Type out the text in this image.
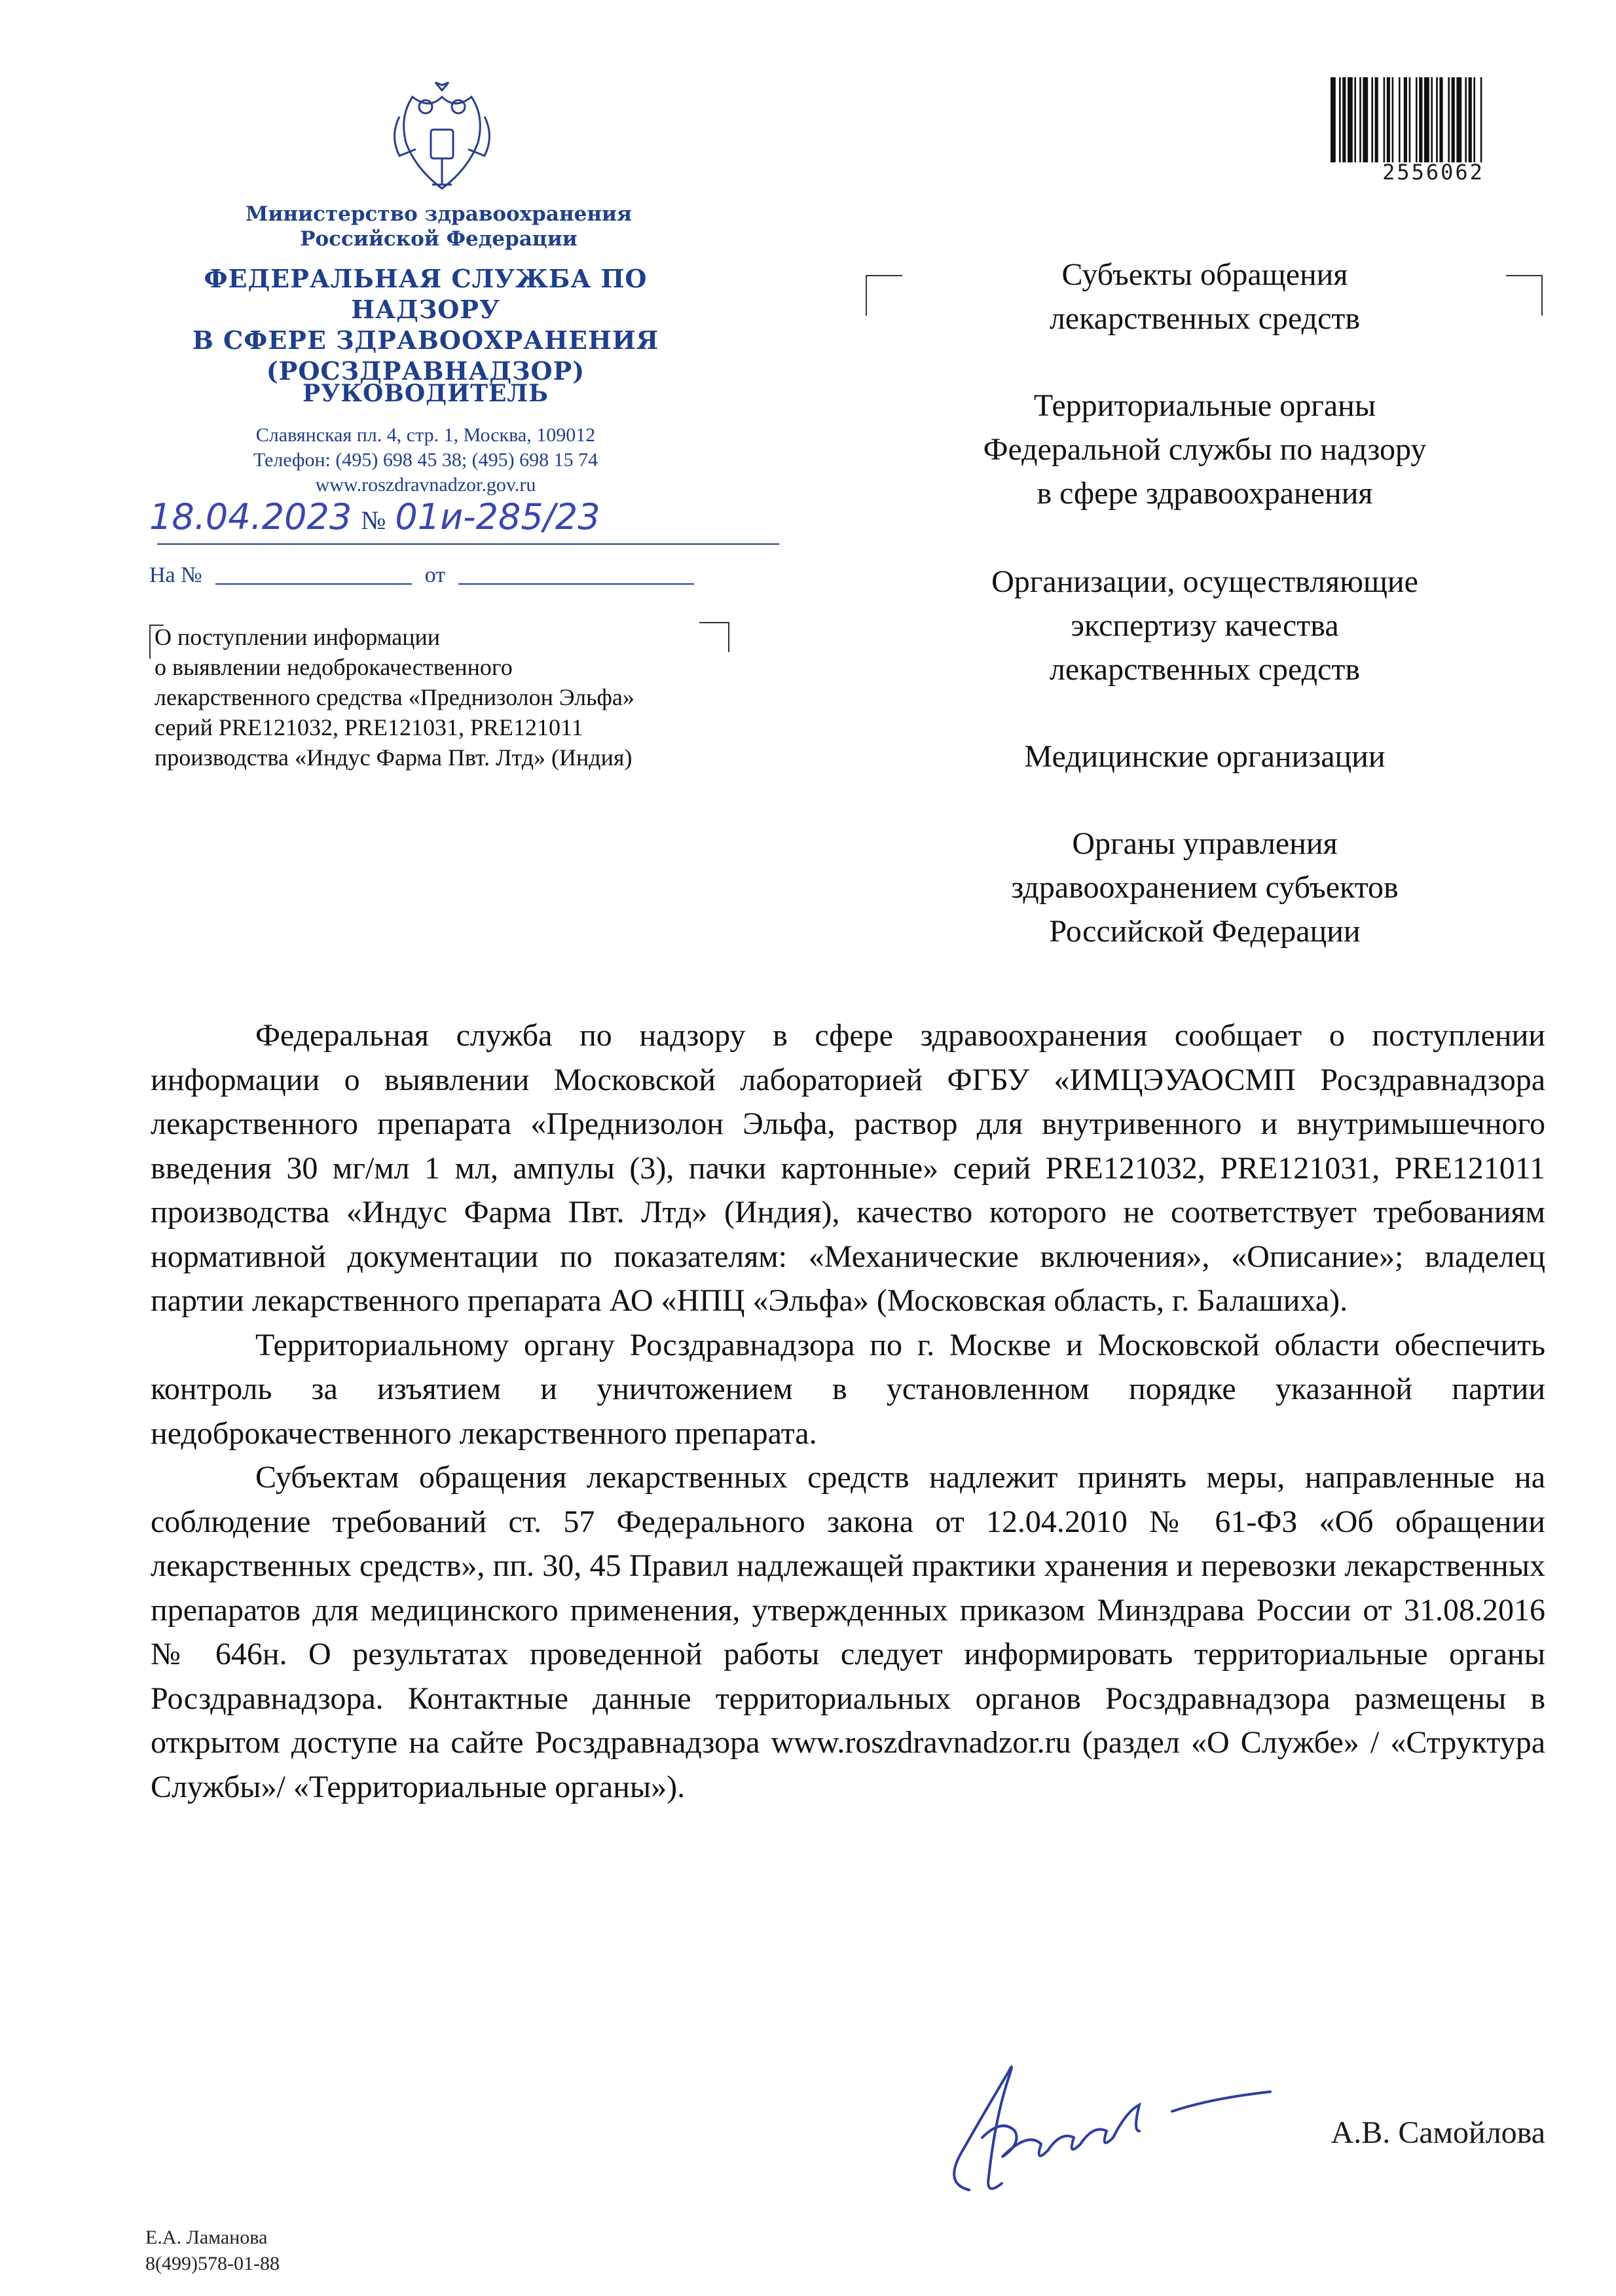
Министерство здравоохранения
Российской Федерации
ФЕДЕРАЛЬНАЯ СЛУЖБА ПО НАДЗОРУ
В СФЕРЕ ЗДРАВООХРАНЕНИЯ
(РОСЗДРАВНАДЗОР)
РУКОВОДИТЕЛЬ
Славянская пл. 4, стр. 1, Москва, 109012
Телефон: (495) 698 45 38; (495) 698 15 74
www.roszdravnadzor.gov.ru
18.04.2023 № 01и-285/23
На №	от
О поступлении информации
о выявлении недоброкачественного
лекарственного средства «Преднизолон Эльфа»
серий PRE121032, PRE121031, PRE121011
производства «Индус Фарма Пвт. Лтд» (Индия)
2556062
Субъекты обращения
лекарственных средств
Территориальные органы
Федеральной службы по надзору
в сфере здравоохранения
Организации, осуществляющие
экспертизу качества
лекарственных средств
Медицинские организации
Органы управления
здравоохранением субъектов
Российской Федерации

Федеральная служба по надзору в сфере здравоохранения сообщает о поступлении информации о выявлении Московской лабораторией ФГБУ «ИМЦЭУАОСМП Росздравнадзора лекарственного препарата «Преднизолон Эльфа, раствор для внутривенного и внутримышечного введения 30 мг/мл 1 мл, ампулы (3), пачки картонные» серий PRE121032, PRE121031, PRE121011 производства «Индус Фарма Пвт. Лтд» (Индия), качество которого не соответствует требованиям нормативной документации по показателям: «Механические включения», «Описание»; владелец партии лекарственного препарата АО «НПЦ «Эльфа» (Московская область, г. Балашиха).

Территориальному органу Росздравнадзора по г. Москве и Московской области обеспечить контроль за изъятием и уничтожением в установленном порядке указанной партии недоброкачественного лекарственного препарата.

Субъектам обращения лекарственных средств надлежит принять меры, направленные на соблюдение требований ст. 57 Федерального закона от 12.04.2010 № 61-ФЗ «Об обращении лекарственных средств», пп. 30, 45 Правил надлежащей практики хранения и перевозки лекарственных препаратов для медицинского применения, утвержденных приказом Минздрава России от 31.08.2016 № 646н. О результатах проведенной работы следует информировать территориальные органы Росздравнадзора. Контактные данные территориальных органов Росздравнадзора размещены в открытом доступе на сайте Росздравнадзора www.roszdravnadzor.ru (раздел «О Службе» / «Структура Службы»/ «Территориальные органы»).

А.В. Самойлова
Е.А. Ламанова
8(499)578-01-88
